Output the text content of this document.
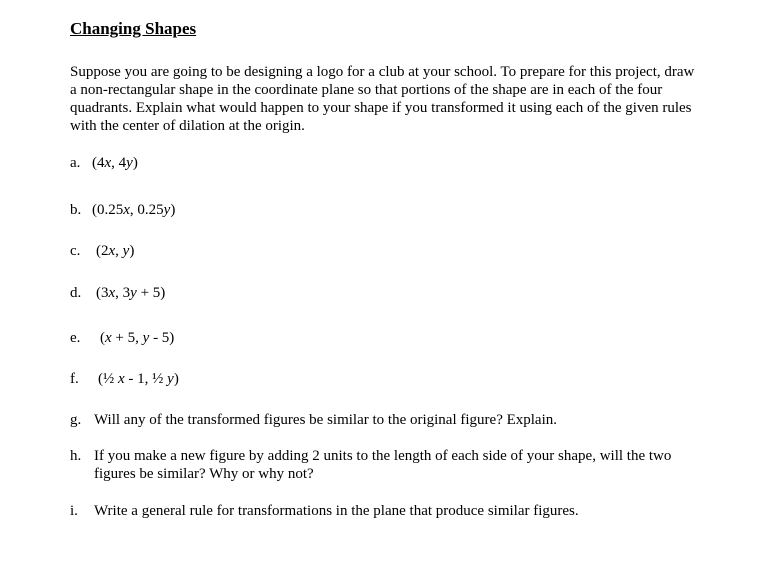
Changing Shapes

Suppose you are going to be designing a logo for a club at your school. To prepare for this project, draw a non-rectangular shape in the coordinate plane so that portions of the shape are in each of the four quadrants. Explain what would happen to your shape if you transformed it using each of the given rules with the center of dilation at the origin.

a. (4x, 4y)
b. (0.25x, 0.25y)
c. (2x, y)
d. (3x, 3y + 5)
e. (x + 5, y - 5)
f. (½ x - 1, ½ y)
g. Will any of the transformed figures be similar to the original figure? Explain.
h. If you make a new figure by adding 2 units to the length of each side of your shape, will the two figures be similar? Why or why not?
i. Write a general rule for transformations in the plane that produce similar figures.
